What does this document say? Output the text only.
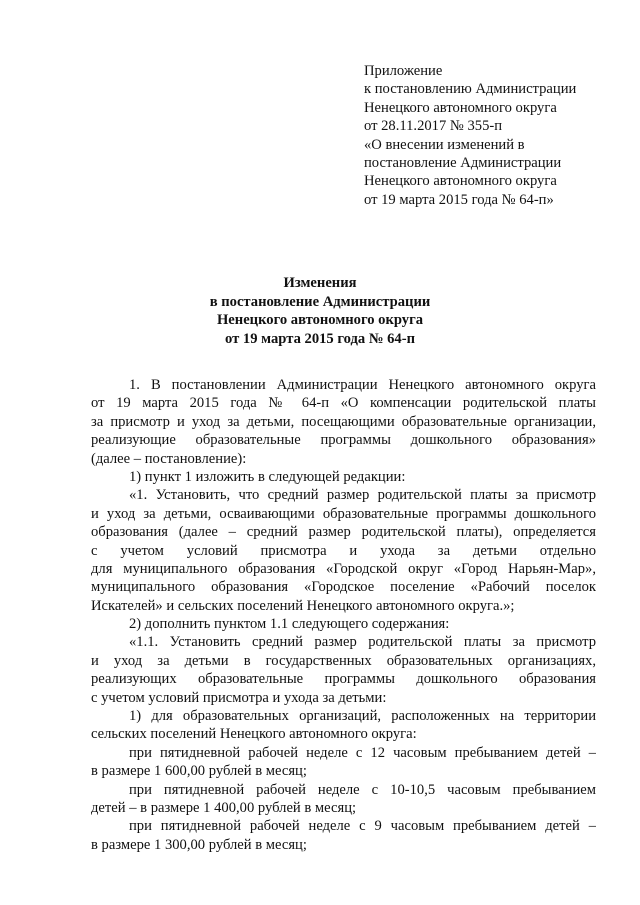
Приложение
к постановлению Администрации
Ненецкого автономного округа
от 28.11.2017 № 355-п
«О внесении изменений в
постановление Администрации
Ненецкого автономного округа
от 19 марта 2015 года № 64-п»
Изменения
в постановление Администрации
Ненецкого автономного округа
от 19 марта 2015 года № 64-п
1. В постановлении Администрации Ненецкого автономного округа
от 19 марта 2015 года № 64-п «О компенсации родительской платы
за присмотр и уход за детьми, посещающими образовательные организации,
реализующие образовательные программы дошкольного образования»
(далее – постановление):
1) пункт 1 изложить в следующей редакции:
«1. Установить, что средний размер родительской платы за присмотр
и уход за детьми, осваивающими образовательные программы дошкольного
образования (далее – средний размер родительской платы), определяется
с учетом условий присмотра и ухода за детьми отдельно
для муниципального образования «Городской округ «Город Нарьян-Мар»,
муниципального образования «Городское поселение «Рабочий поселок
Искателей» и сельских поселений Ненецкого автономного округа.»;
2) дополнить пунктом 1.1 следующего содержания:
«1.1. Установить средний размер родительской платы за присмотр
и уход за детьми в государственных образовательных организациях,
реализующих образовательные программы дошкольного образования
с учетом условий присмотра и ухода за детьми:
1) для образовательных организаций, расположенных на территории
сельских поселений Ненецкого автономного округа:
при пятидневной рабочей неделе с 12 часовым пребыванием детей –
в размере 1 600,00 рублей в месяц;
при пятидневной рабочей неделе с 10-10,5 часовым пребыванием
детей – в размере 1 400,00 рублей в месяц;
при пятидневной рабочей неделе с 9 часовым пребыванием детей –
в размере 1 300,00 рублей в месяц;
